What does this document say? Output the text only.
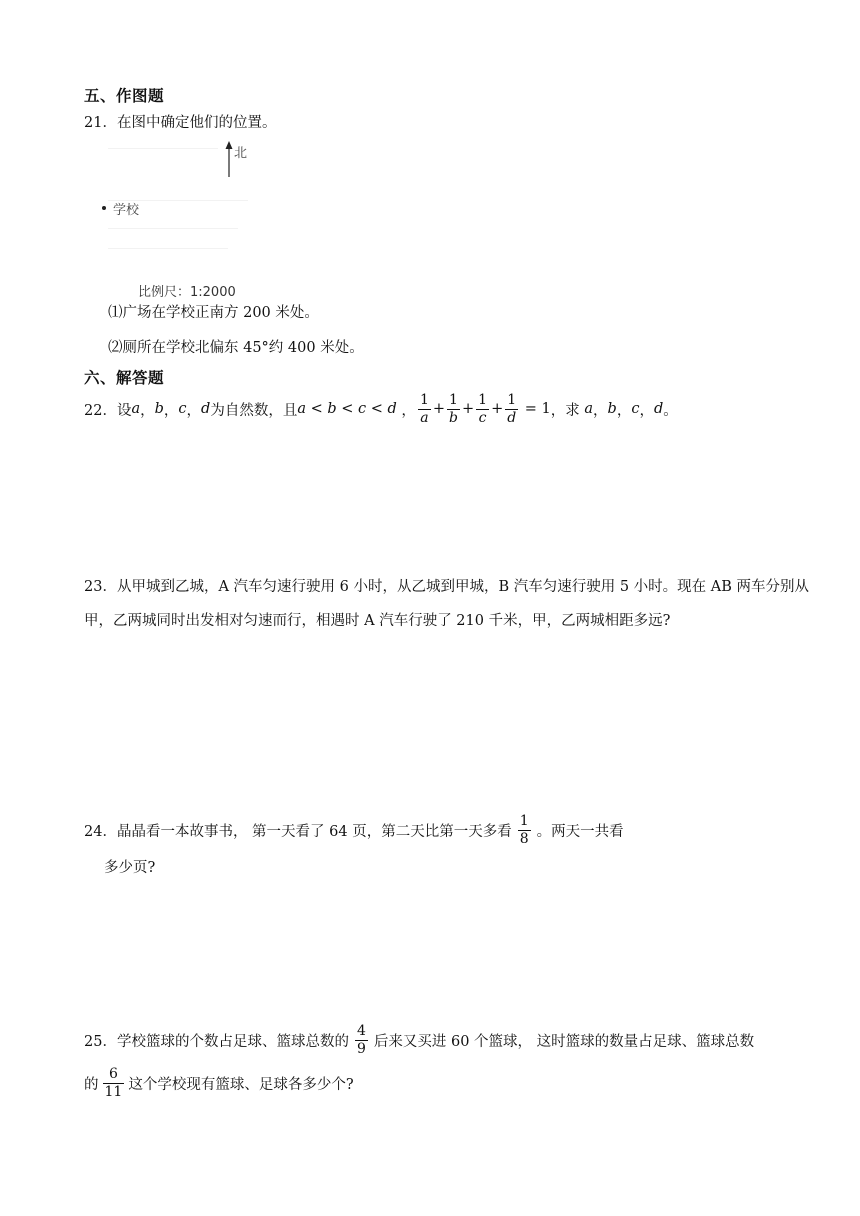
五、作图题
21．在图中确定他们的位置。
北
学校
比例尺：1:2000
⑴广场在学校正南方 200 米处。
⑵厕所在学校北偏东 45°约 400 米处。
六、解答题
22． 设 a ， b ， c ， d 为自然数，且 a < b < c < d ， $\frac{1}{a} + \frac{1}{b} + \frac{1}{c} + \frac{1}{d} = 1$ ，求 a ， b ， c ， d 。
23．从甲城到乙城，A 汽车匀速行驶用 6 小时，从乙城到甲城，B 汽车匀速行驶用 5 小时。现在 AB 两车分别从甲，乙两城同时出发相对匀速而行，相遇时 A 汽车行驶了 210 千米，甲，乙两城相距多远?
24． 晶晶看一本故事书， 第一天看了 64 页，第二天比第一天多看 $\frac{1}{8}$ 。两天一共看
多少页?
25． 学校篮球的个数占足球、篮球总数的 $\frac{4}{9}$ 后来又买进 60 个篮球， 这时篮球的数量占足球、篮球总数
的 $\frac{6}{11}$ 这个学校现有篮球、足球各多少个?
